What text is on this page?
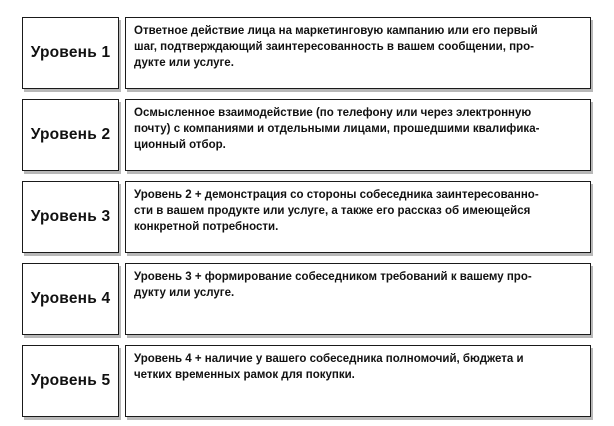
Уровень 1
Ответное действие лица на маркетинговую кампанию или его первый
шаг, подтверждающий заинтересованность в вашем сообщении, про-
дукте или услуге.
Уровень 2
Осмысленное взаимодействие (по телефону или через электронную
почту) с компаниями и отдельными лицами, прошедшими квалифика-
ционный отбор.
Уровень 3
Уровень 2 + демонстрация со стороны собеседника заинтересованно-
сти в вашем продукте или услуге, а также его рассказ об имеющейся
конкретной потребности.
Уровень 4
Уровень 3 + формирование собеседником требований к вашему про-
дукту или услуге.
Уровень 5
Уровень 4 + наличие у вашего собеседника полномочий, бюджета и
четких временных рамок для покупки.
